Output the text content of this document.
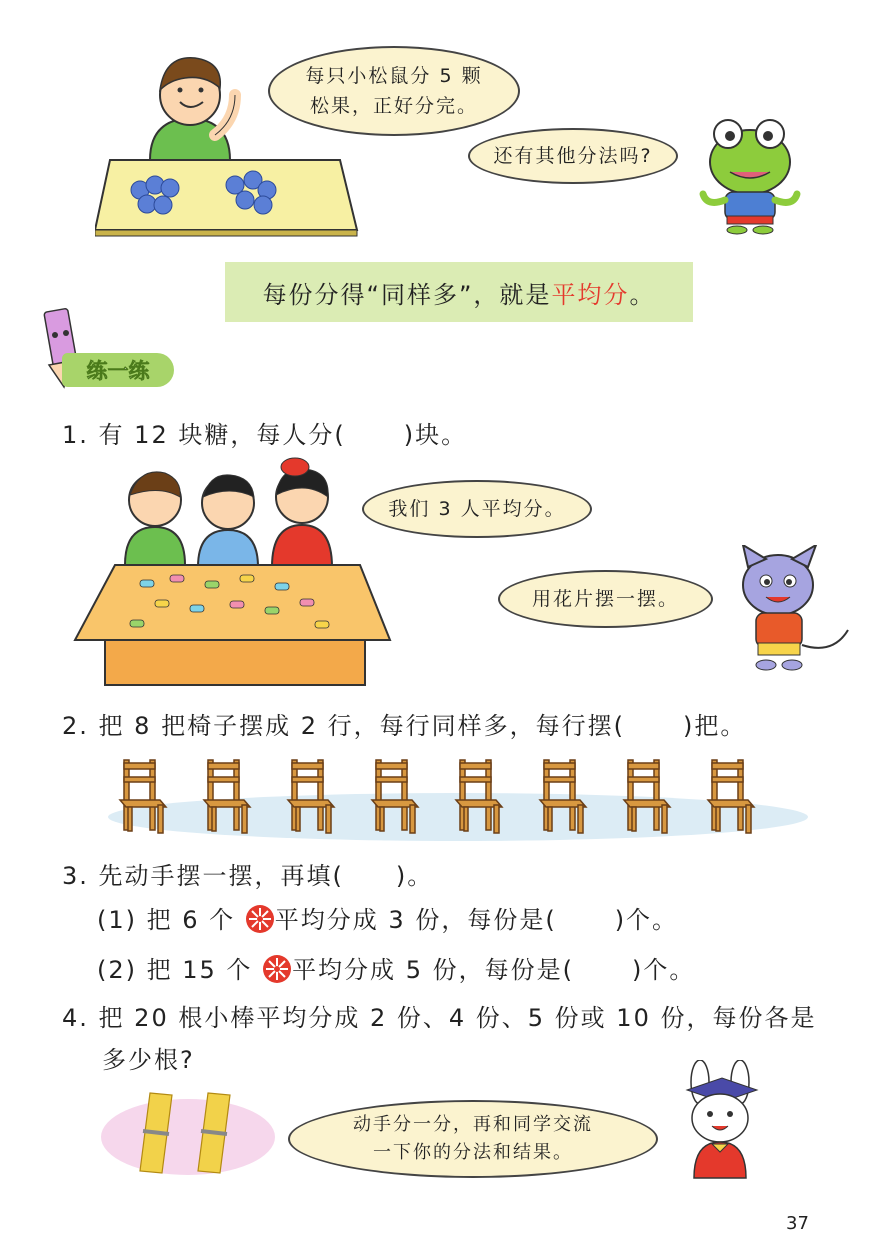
每只小松鼠分 5 颗
松果，正好分完。
还有其他分法吗?
每份分得“同样多”，就是 平均分 。
练一练
1. 有 12 块糖，每人分( )块。
我们 3 人平均分。
用花片摆一摆。
2. 把 8 把椅子摆成 2 行，每行同样多，每行摆( )把。
3. 先动手摆一摆，再填( )。
(1) 把 6 个 平均分成 3 份，每份是( )个。
(2) 把 15 个 平均分成 5 份，每份是( )个。
4. 把 20 根小棒平均分成 2 份、4 份、5 份或 10 份，每份各是
多少根?
动手分一分，再和同学交流
一下你的分法和结果。
37
